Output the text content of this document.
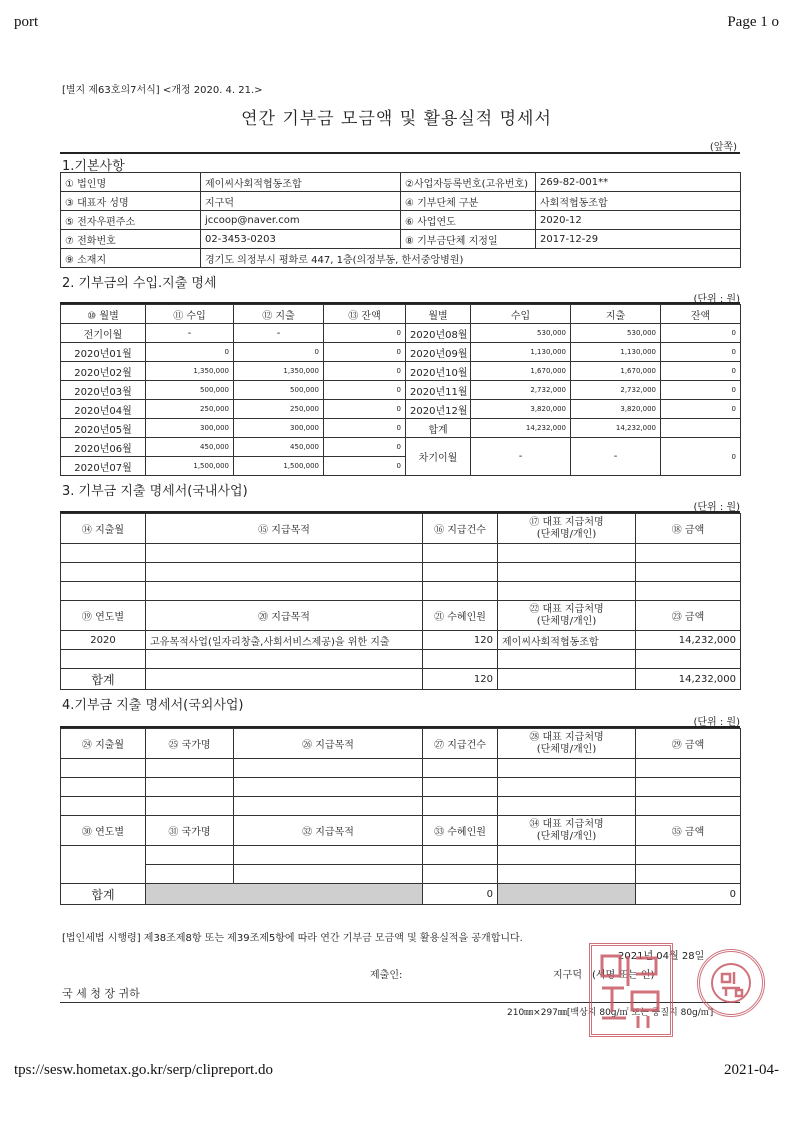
port	Page 1 o
tps://sesw.hometax.go.kr/serp/clipreport.do	2021-04-
[별지 제63호의7서식] <개정 2020. 4. 21.>
연간 기부금 모금액 및 활용실적 명세서
(앞쪽)
1.기본사항
① 법인명	제이씨사회적협동조합	②사업자등록번호(고유번호)	269-82-001**
③ 대표자 성명	지구덕	④ 기부단체 구분	사회적협동조합
⑤ 전자우편주소	jccoop@naver.com	⑥ 사업연도	2020-12
⑦ 전화번호	02-3453-0203	⑧ 기부금단체 지정일	2017-12-29
⑨ 소재지	경기도 의정부시 평화로 447, 1층(의정부동, 한서중앙병원)		
2. 기부금의 수입.지출 명세
(단위 : 원)
⑩ 월별	⑪ 수입	⑫ 지출	⑬ 잔액	월별	수입	지출	잔액
전기이월	-	-	0	2020년08월	530,000	530,000	0
2020년01월	0	0	0	2020년09월	1,130,000	1,130,000	0
2020년02월	1,350,000	1,350,000	0	2020년10월	1,670,000	1,670,000	0
2020년03월	500,000	500,000	0	2020년11월	2,732,000	2,732,000	0
2020년04월	250,000	250,000	0	2020년12월	3,820,000	3,820,000	0
2020년05월	300,000	300,000	0	합계	14,232,000	14,232,000	
2020년06월	450,000	450,000	0	차기이월	-	-	0
2020년07월	1,500,000	1,500,000	0				
3. 기부금 지출 명세서(국내사업)
(단위 : 원)
⑭ 지출월	⑮ 지급목적	⑯ 지급건수	⑰ 대표 지급처명
(단체명/개인)	⑱ 금액

⑲ 연도별	⑳ 지급목적	㉑ 수혜인원	㉒ 대표 지급처명
(단체명/개인)	㉓ 금액
2020	고유목적사업(일자리창출,사회서비스제공)을 위한 지출	120	제이씨사회적협동조합	14,232,000

합계		120		14,232,000
4.기부금 지출 명세서(국외사업)
(단위 : 원)
㉔ 지출월	㉕ 국가명	㉖ 지급목적	㉗ 지급건수	㉘ 대표 지급처명
(단체명/개인)	㉙ 금액

㉚ 연도별	㉛ 국가명	㉜ 지급목적	㉝ 수혜인원	㉞ 대표 지급처명
(단체명/개인)	㉟ 금액

합계			0		0
[법인세법 시행령] 제38조제8항 또는 제39조제5항에 따라 연간 기부금 모금액 및 활용실적을 공개합니다.
2021년 04월 28일
제출인:	지구덕 (서명 또는 인)
국 세 청 장 귀하
210㎜×297㎜[백상지 80g/㎡ 또는 중질지 80g/㎡]
